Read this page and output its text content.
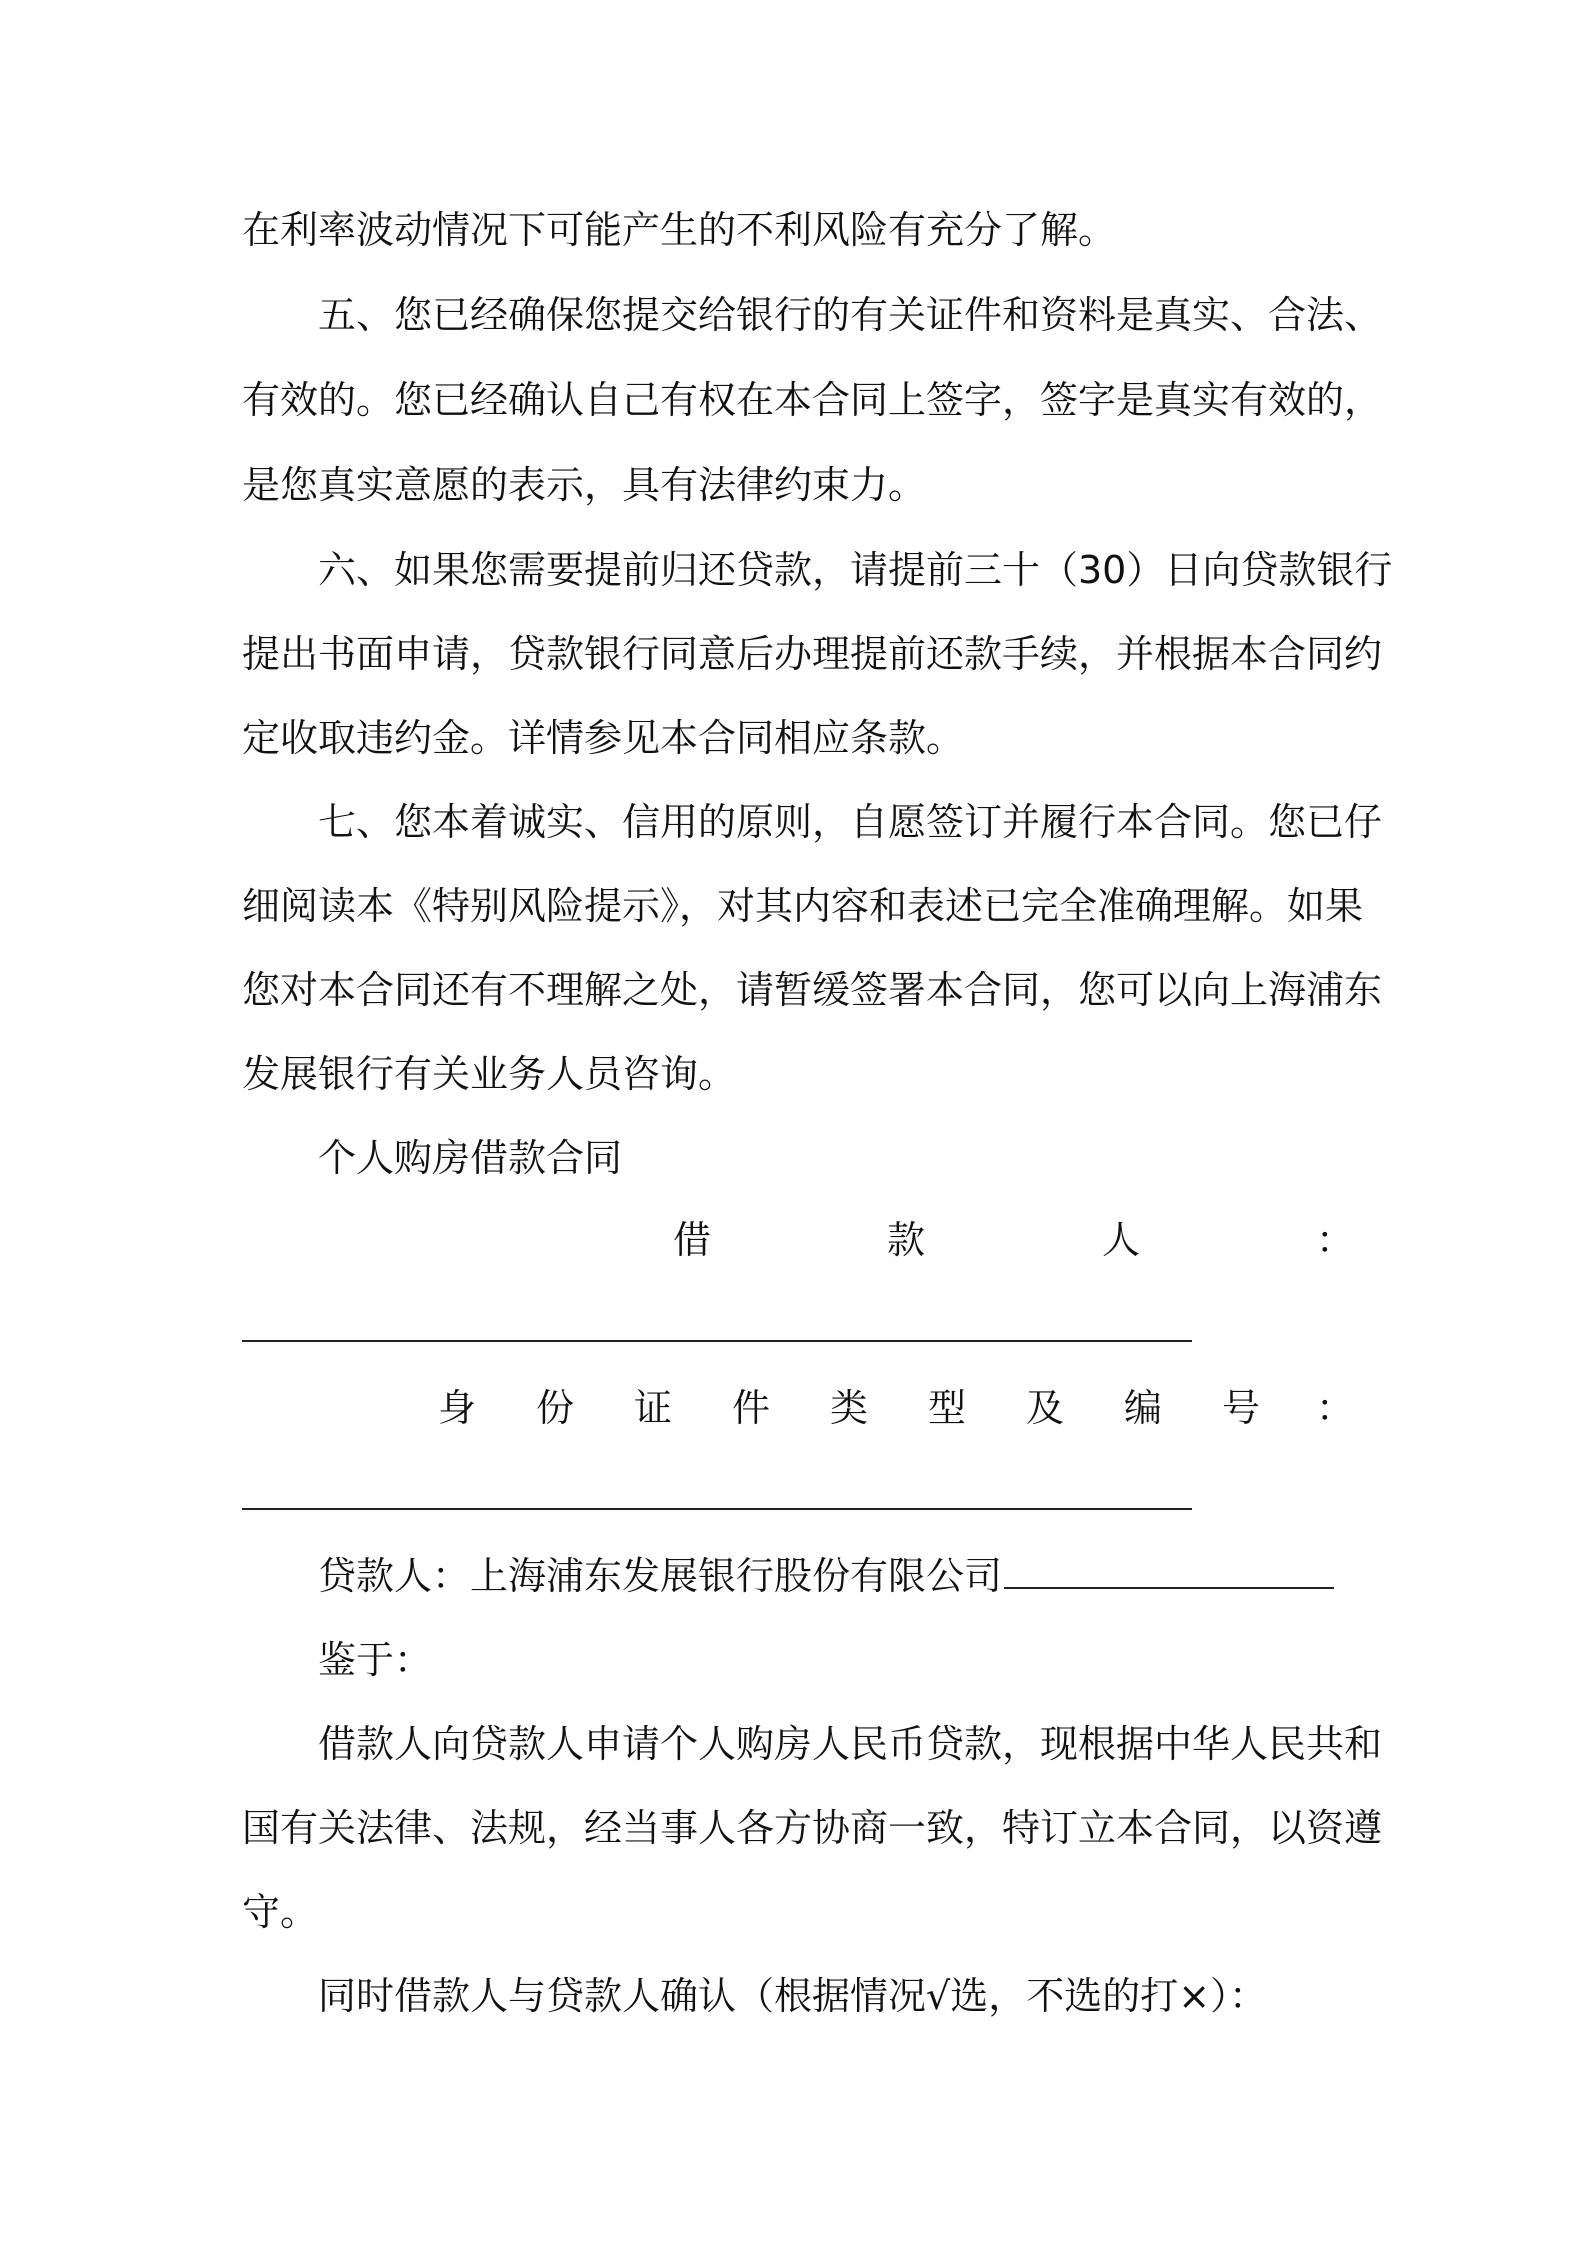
在利率波动情况下可能产生的不利风险有充分了解。
五、您已经确保您提交给银行的有关证件和资料是真实、合法、
有效的。您已经确认自己有权在本合同上签字，签字是真实有效的，
是您真实意愿的表示，具有法律约束力。
六、如果您需要提前归还贷款，请提前三十（30）日向贷款银行
提出书面申请，贷款银行同意后办理提前还款手续，并根据本合同约
定收取违约金。详情参见本合同相应条款。
七、您本着诚实、信用的原则，自愿签订并履行本合同。您已仔
细阅读本《特别风险提示》，对其内容和表述已完全准确理解。如果
您对本合同还有不理解之处，请暂缓签署本合同，您可以向上海浦东
发展银行有关业务人员咨询。
个人购房借款合同
借	款	人	：
身 份 证 件 类 型 及 编 号 ：
贷款人：上海浦东发展银行股份有限公司
鉴于：
借款人向贷款人申请个人购房人民币贷款，现根据中华人民共和
国有关法律、法规，经当事人各方协商一致，特订立本合同，以资遵
守。
同时借款人与贷款人确认（根据情况√选，不选的打×）：
